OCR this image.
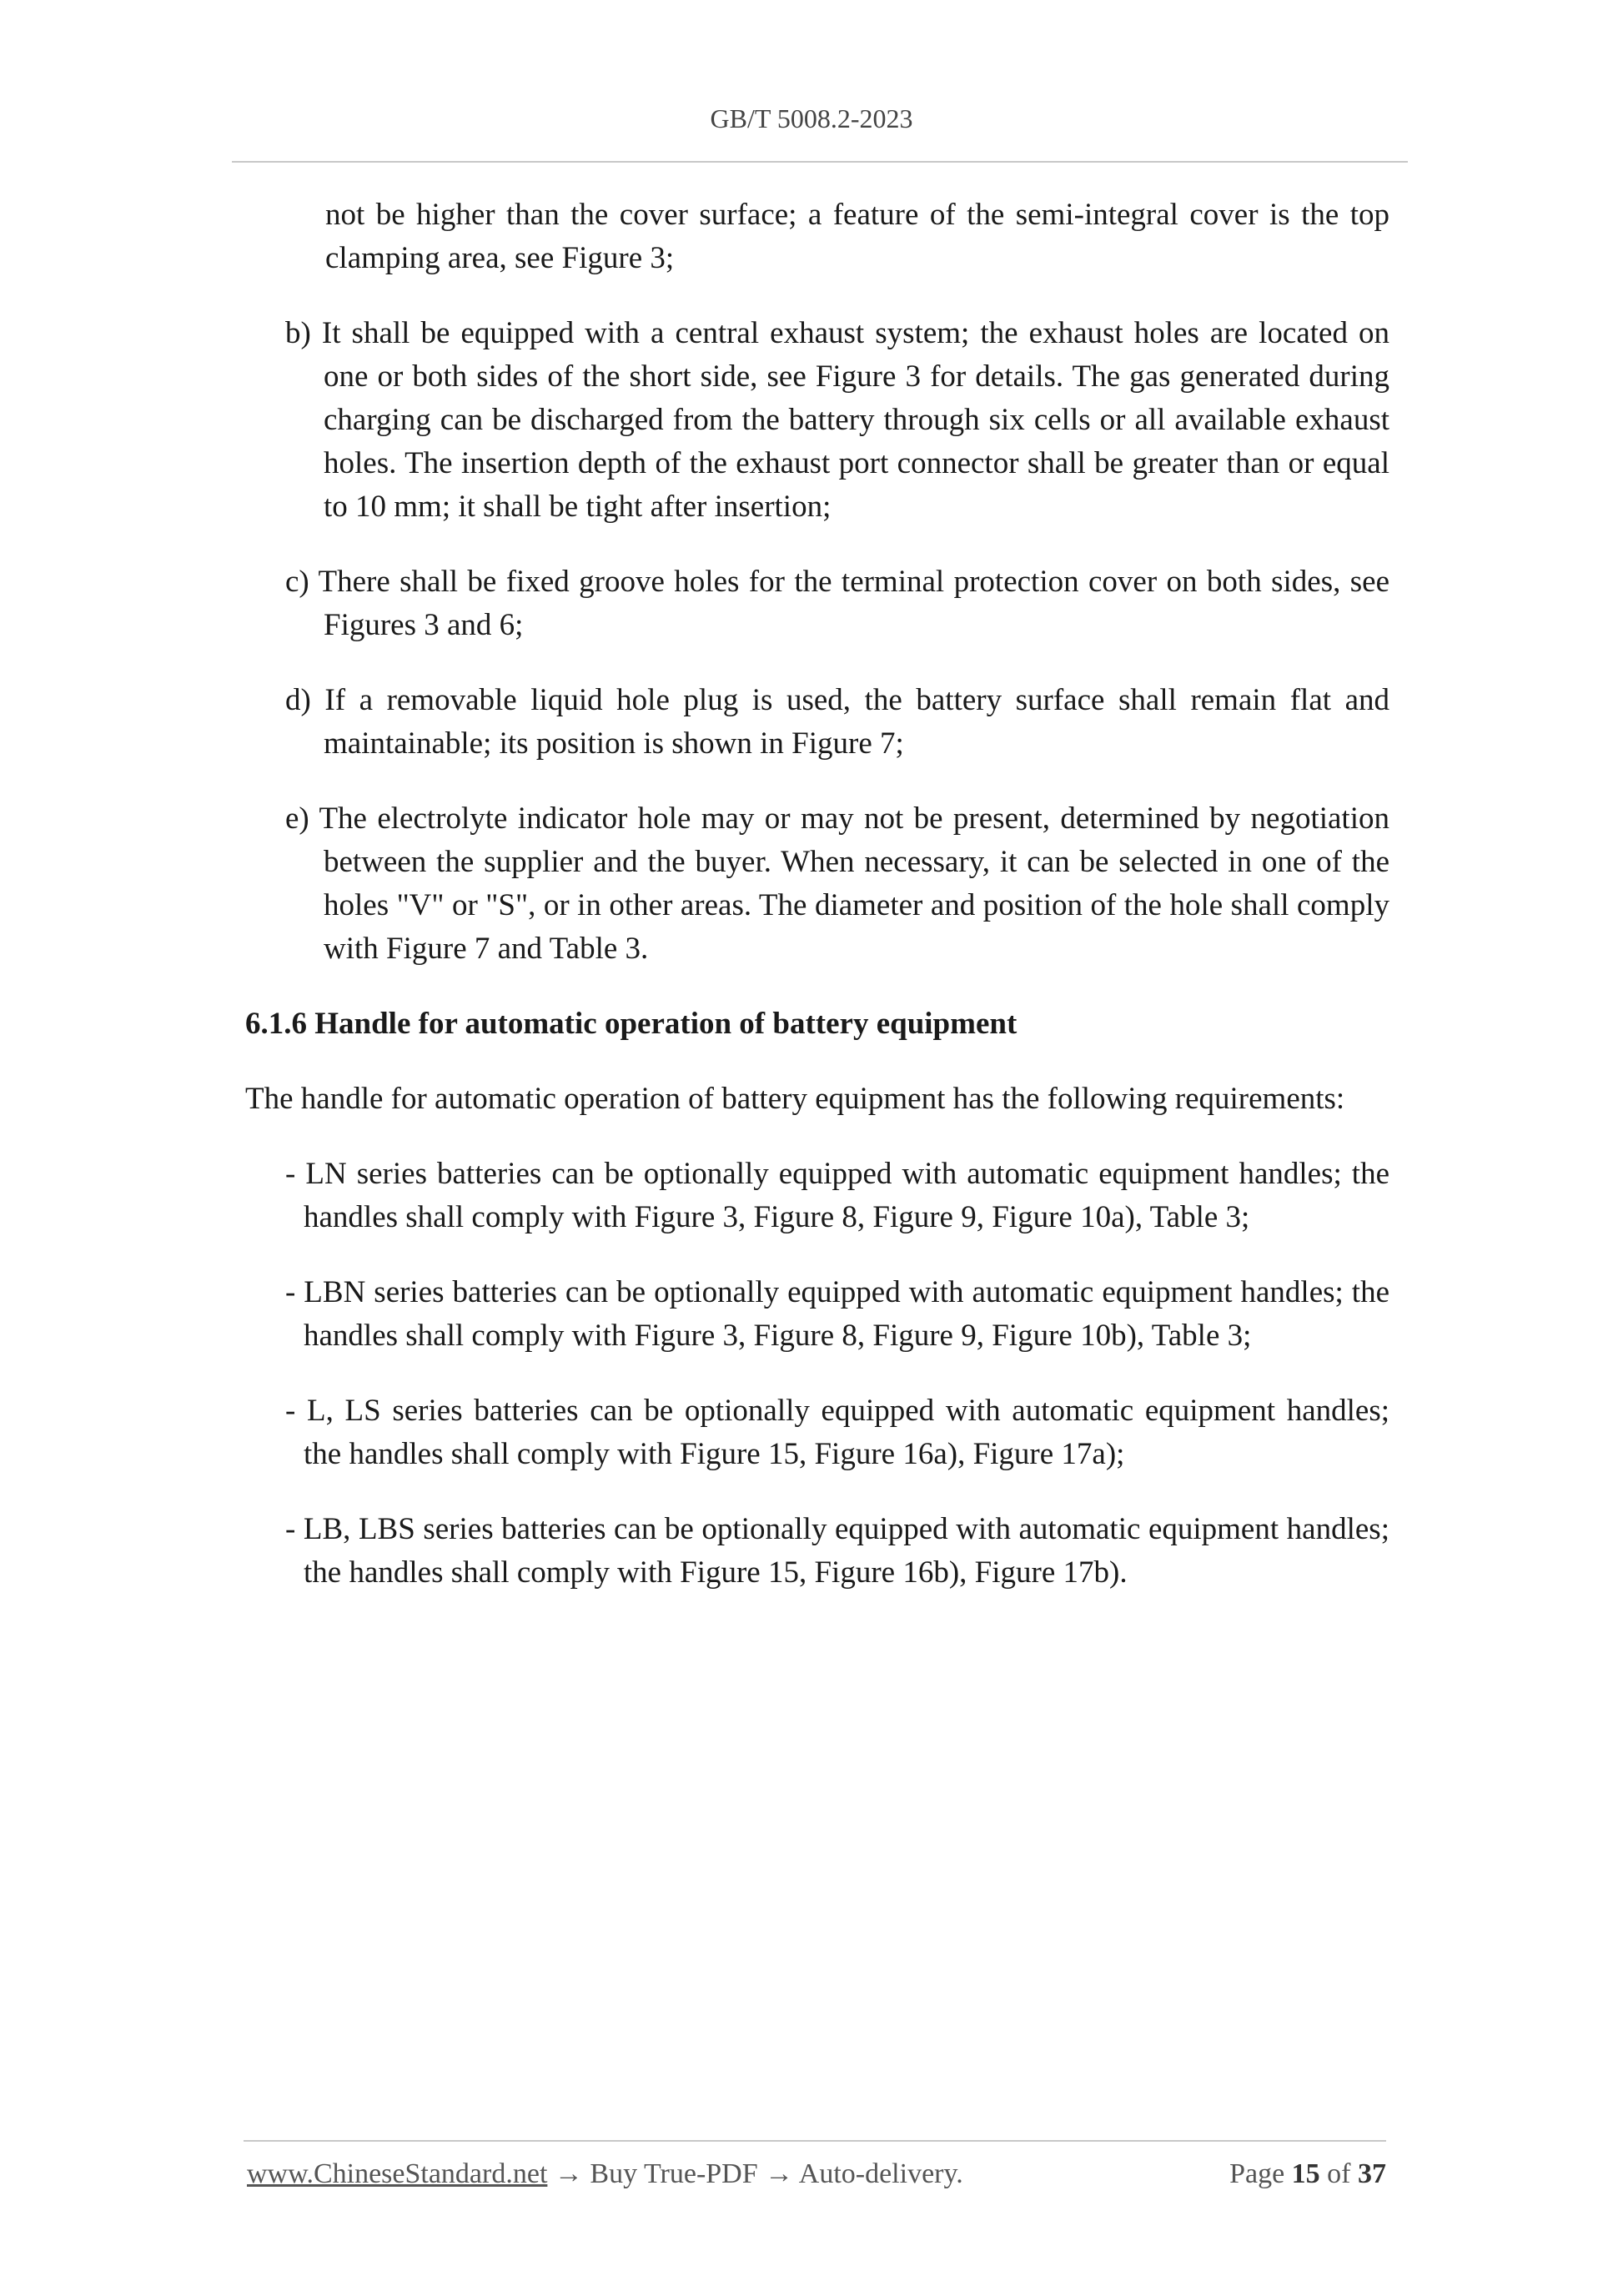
GB/T 5008.2-2023

not be higher than the cover surface; a feature of the semi-integral cover is the top clamping area, see Figure 3;

b) It shall be equipped with a central exhaust system; the exhaust holes are located on one or both sides of the short side, see Figure 3 for details. The gas generated during charging can be discharged from the battery through six cells or all available exhaust holes. The insertion depth of the exhaust port connector shall be greater than or equal to 10 mm; it shall be tight after insertion;

c) There shall be fixed groove holes for the terminal protection cover on both sides, see Figures 3 and 6;

d) If a removable liquid hole plug is used, the battery surface shall remain flat and maintainable; its position is shown in Figure 7;

e) The electrolyte indicator hole may or may not be present, determined by negotiation between the supplier and the buyer. When necessary, it can be selected in one of the holes "V" or "S", or in other areas. The diameter and position of the hole shall comply with Figure 7 and Table 3.

6.1.6 Handle for automatic operation of battery equipment

The handle for automatic operation of battery equipment has the following requirements:

- LN series batteries can be optionally equipped with automatic equipment handles; the handles shall comply with Figure 3, Figure 8, Figure 9, Figure 10a), Table 3;

- LBN series batteries can be optionally equipped with automatic equipment handles; the handles shall comply with Figure 3, Figure 8, Figure 9, Figure 10b), Table 3;

- L, LS series batteries can be optionally equipped with automatic equipment handles; the handles shall comply with Figure 15, Figure 16a), Figure 17a);

- LB, LBS series batteries can be optionally equipped with automatic equipment handles; the handles shall comply with Figure 15, Figure 16b), Figure 17b).

www.ChineseStandard.net → Buy True-PDF → Auto-delivery.	Page 15 of 37
